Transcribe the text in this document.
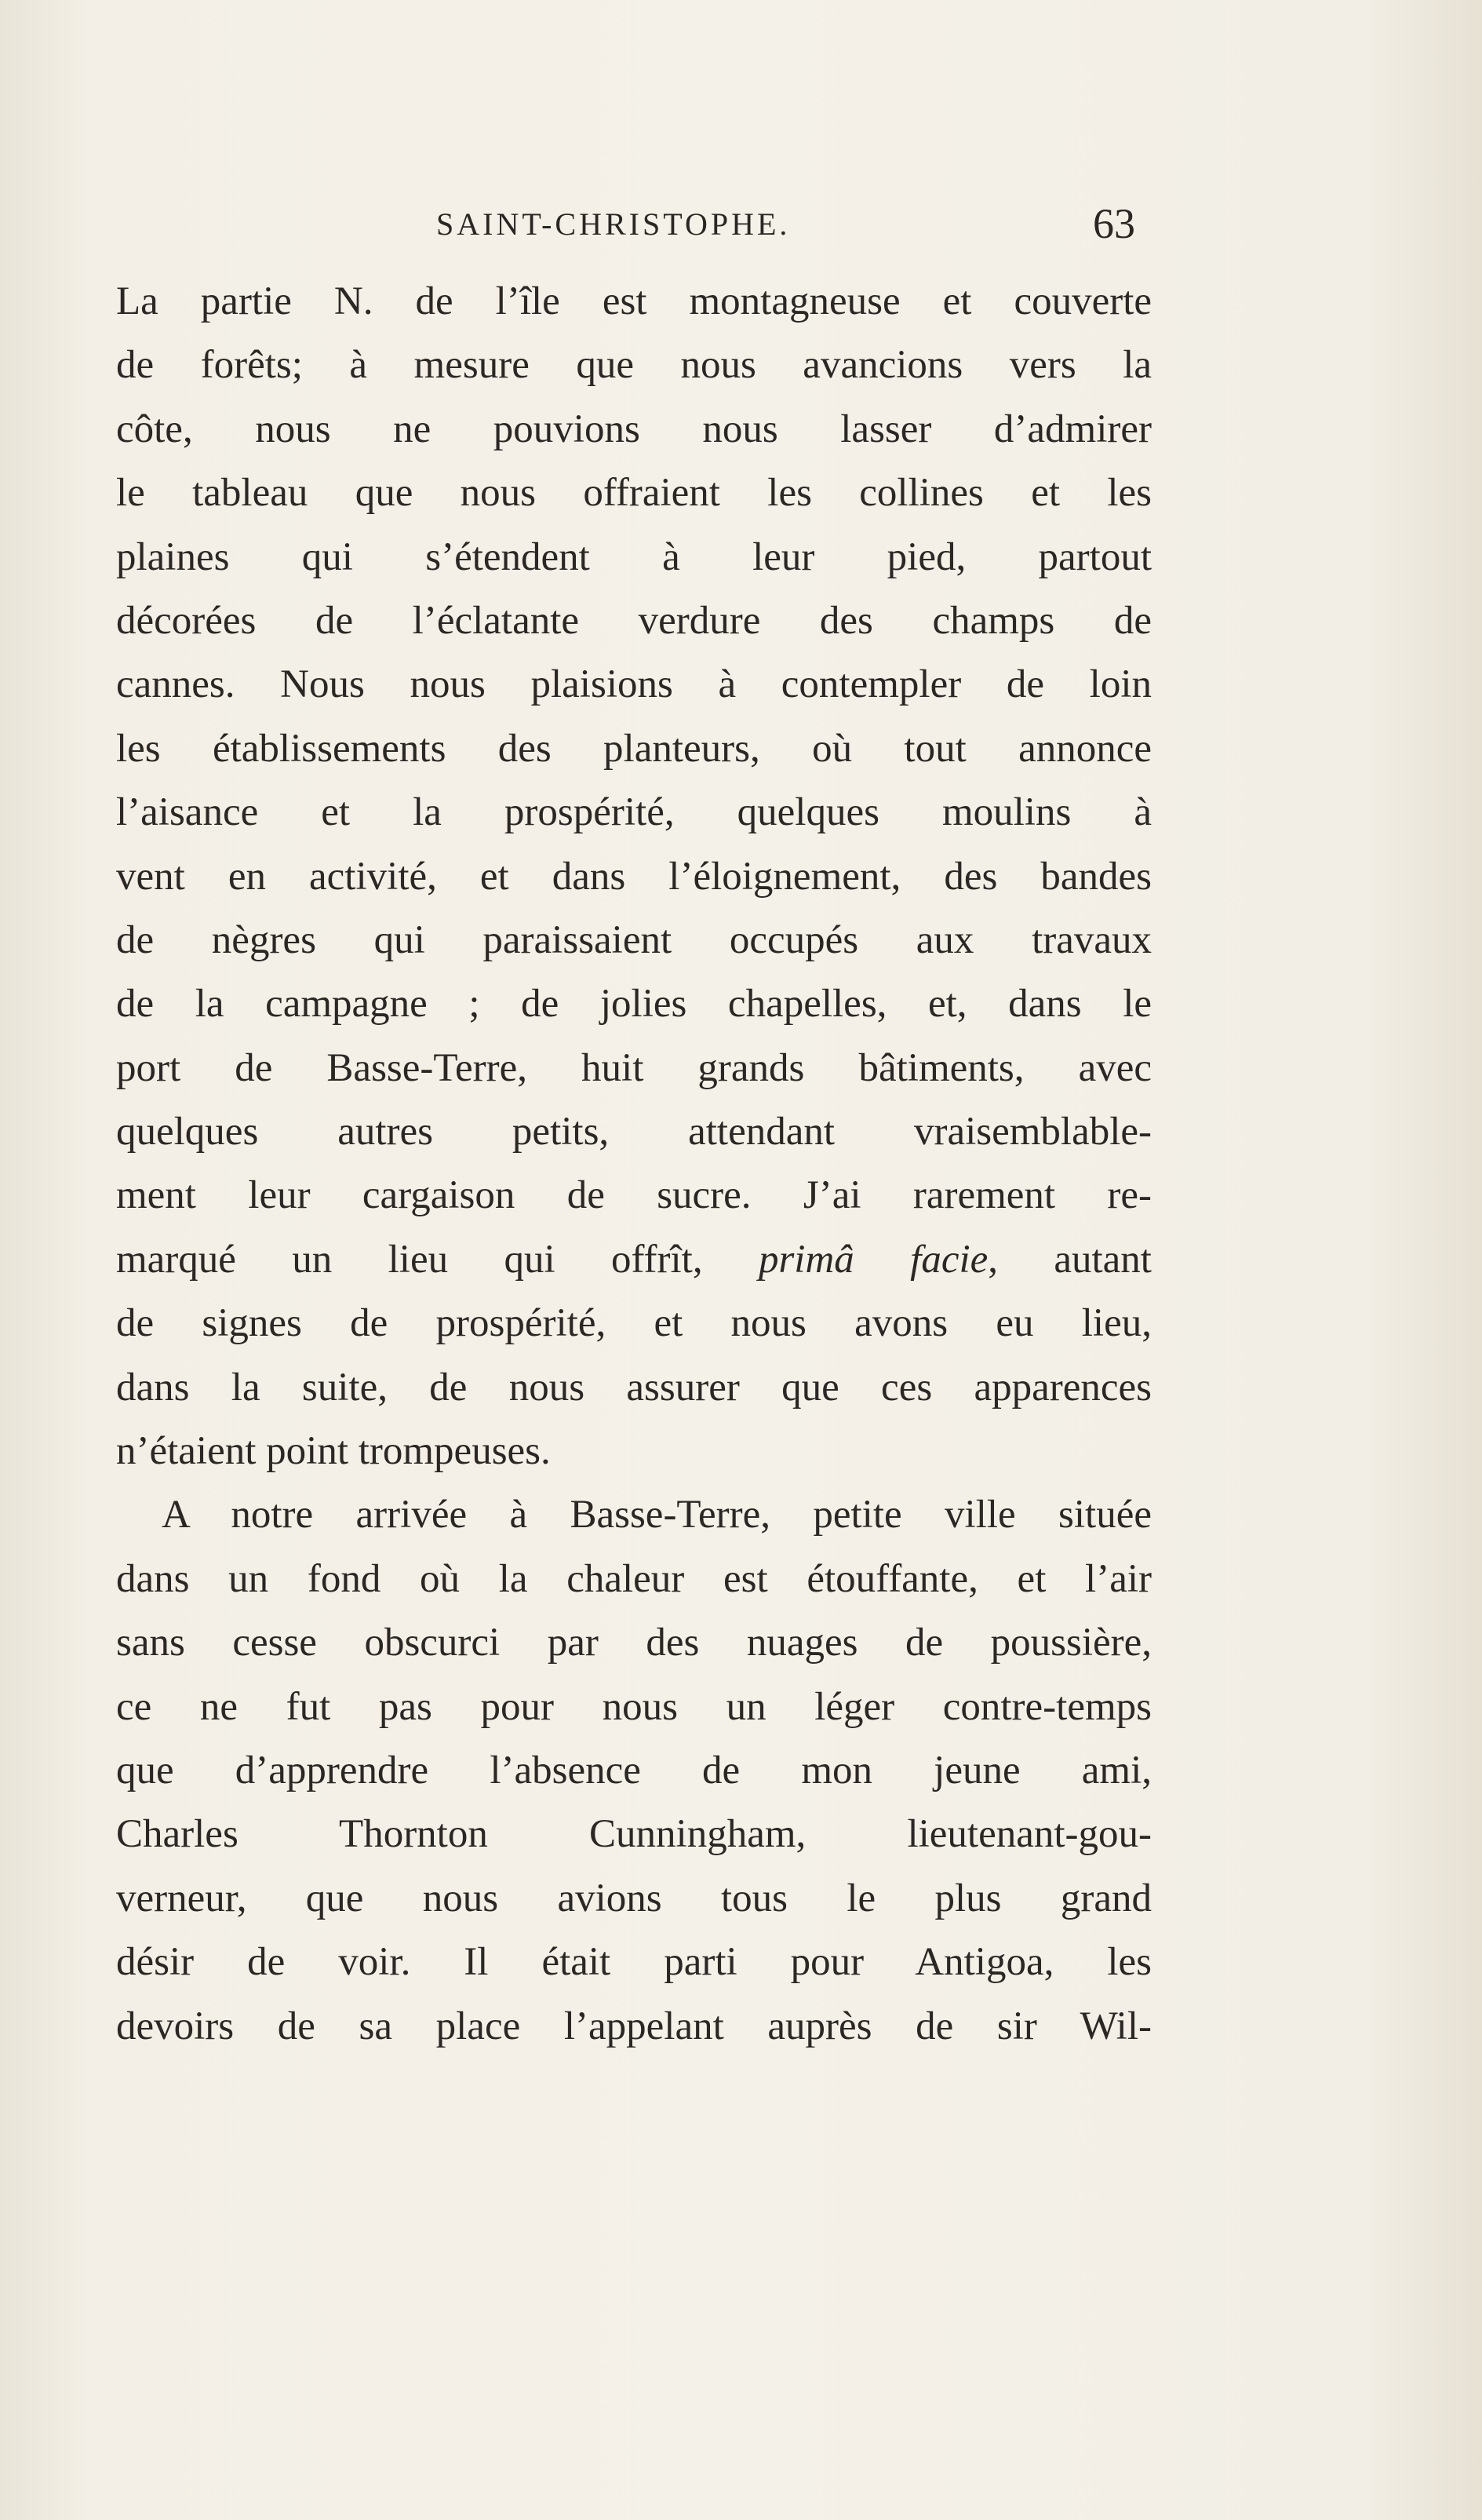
SAINT-CHRISTOPHE.	63
La partie N. de l’île est montagneuse et couverte
de forêts; à mesure que nous avancions vers la
côte, nous ne pouvions nous lasser d’admirer
le tableau que nous offraient les collines et les
plaines qui s’étendent à leur pied, partout
décorées de l’éclatante verdure des champs de
cannes. Nous nous plaisions à contempler de loin
les établissements des planteurs, où tout annonce
l’aisance et la prospérité, quelques moulins à
vent en activité, et dans l’éloignement, des bandes
de nègres qui paraissaient occupés aux travaux
de la campagne ; de jolies chapelles, et, dans le
port de Basse-Terre, huit grands bâtiments, avec
quelques autres petits, attendant vraisemblable-
ment leur cargaison de sucre. J’ai rarement re-
marqué un lieu qui offrît, primâ facie, autant
de signes de prospérité, et nous avons eu lieu,
dans la suite, de nous assurer que ces apparences
n’étaient point trompeuses.
A notre arrivée à Basse-Terre, petite ville située
dans un fond où la chaleur est étouffante, et l’air
sans cesse obscurci par des nuages de poussière,
ce ne fut pas pour nous un léger contre-temps
que d’apprendre l’absence de mon jeune ami,
Charles Thornton Cunningham, lieutenant-gou-
verneur, que nous avions tous le plus grand
désir de voir. Il était parti pour Antigoa, les
devoirs de sa place l’appelant auprès de sir Wil-
